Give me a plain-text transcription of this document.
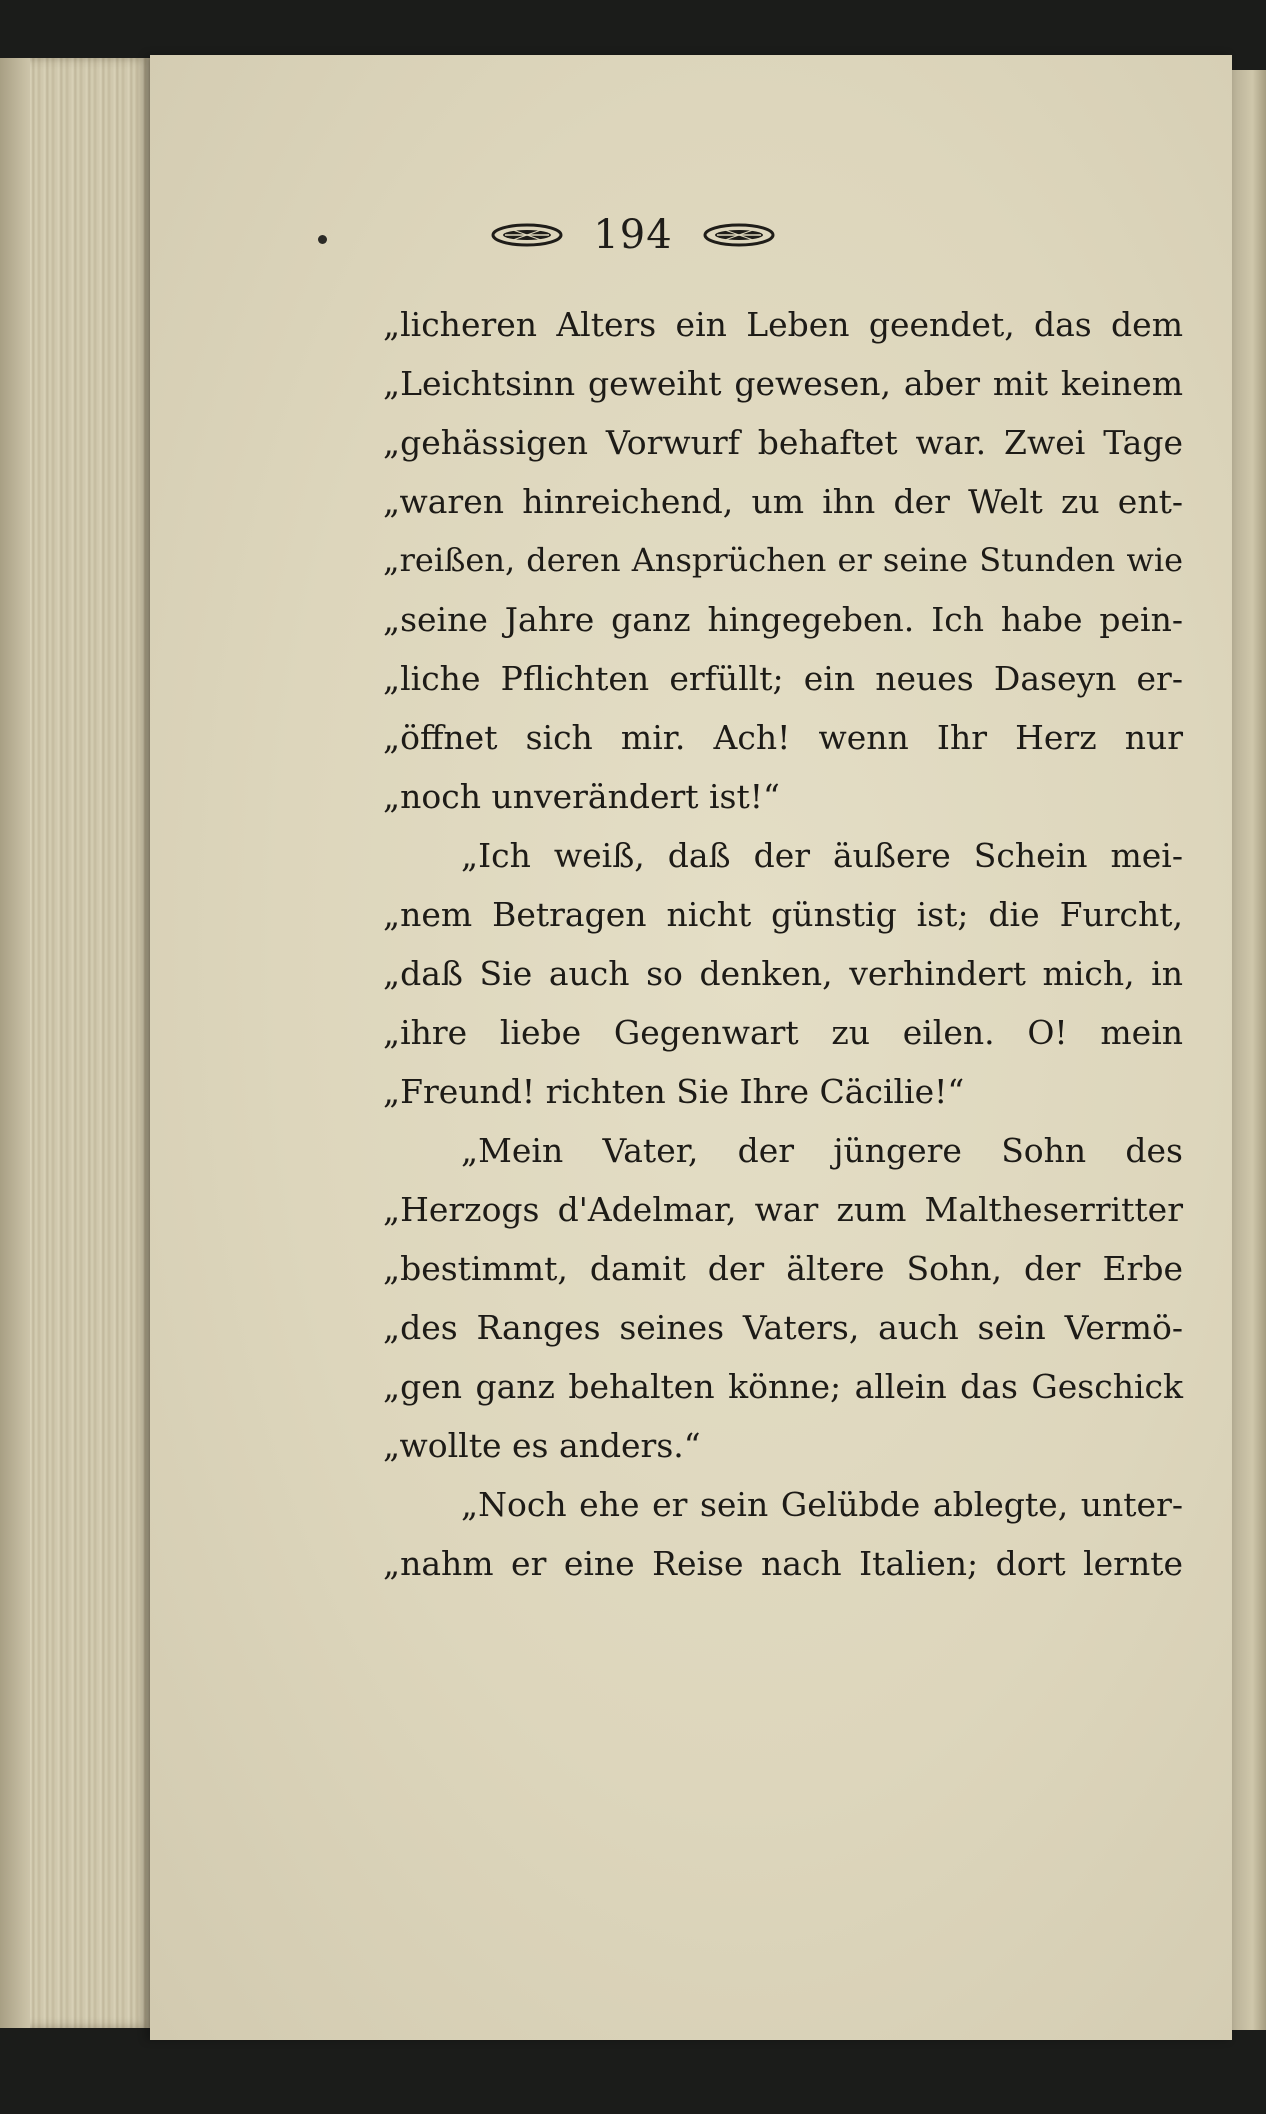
194
„licheren Alters ein Leben geendet, das dem
„Leichtsinn geweiht gewesen, aber mit keinem
„gehässigen Vorwurf behaftet war. Zwei Tage
„waren hinreichend, um ihn der Welt zu ent-
„reißen, deren Ansprüchen er seine Stunden wie
„seine Jahre ganz hingegeben. Ich habe pein-
„liche Pflichten erfüllt; ein neues Daseyn er-
„öffnet sich mir. Ach! wenn Ihr Herz nur
„noch unverändert ist!“
„Ich weiß, daß der äußere Schein mei-
„nem Betragen nicht günstig ist; die Furcht,
„daß Sie auch so denken, verhindert mich, in
„ihre liebe Gegenwart zu eilen. O! mein
„Freund! richten Sie Ihre Cäcilie!“
„Mein Vater, der jüngere Sohn des
„Herzogs d'Adelmar, war zum Maltheserritter
„bestimmt, damit der ältere Sohn, der Erbe
„des Ranges seines Vaters, auch sein Vermö-
„gen ganz behalten könne; allein das Geschick
„wollte es anders.“
„Noch ehe er sein Gelübde ablegte, unter-
„nahm er eine Reise nach Italien; dort lernte
